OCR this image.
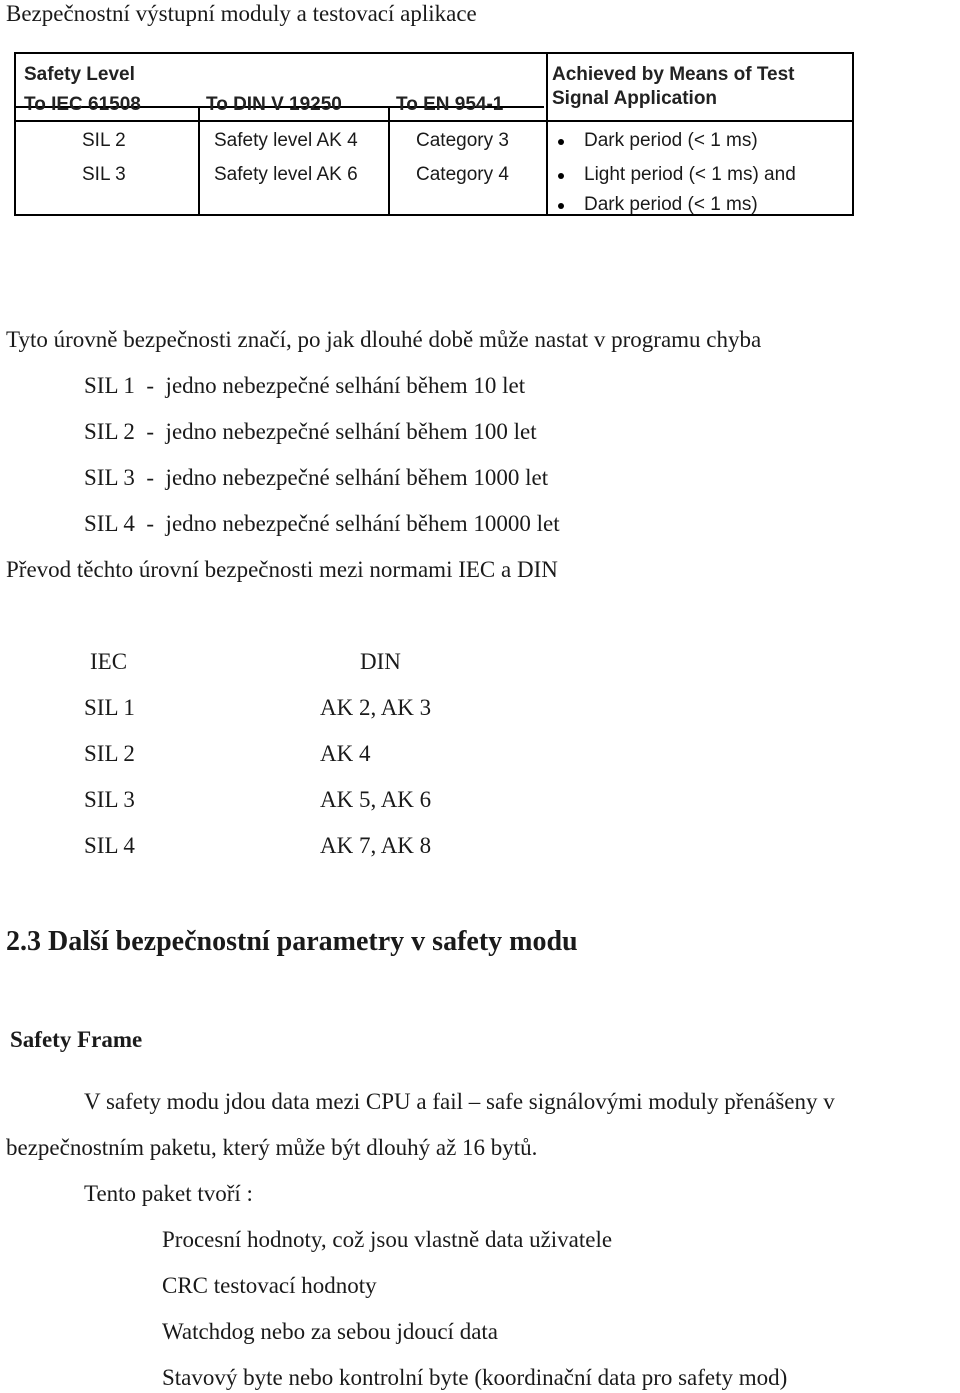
Bezpečnostní výstupní moduly a testovací aplikace
Safety Level	Achieved by Means of Test
Signal Application
To IEC 61508	To DIN V 19250	To EN 954-1
SIL 2	Safety level AK 4	Category 3	Dark period (< 1 ms)
SIL 3	Safety level AK 6	Category 4	Light period (< 1 ms) and
Dark period (< 1 ms)
Tyto úrovně bezpečnosti značí, po jak dlouhé době může nastat v programu chyba
SIL 1  -  jedno nebezpečné selhání během 10 let
SIL 2  -  jedno nebezpečné selhání během 100 let
SIL 3  -  jedno nebezpečné selhání během 1000 let
SIL 4  -  jedno nebezpečné selhání během 10000 let
Převod těchto úrovní bezpečnosti mezi normami IEC a DIN
IEC	DIN
SIL 1	AK 2, AK 3
SIL 2	AK 4
SIL 3	AK 5, AK 6
SIL 4	AK 7, AK 8
2.3 Další bezpečnostní parametry v safety modu
Safety Frame
V safety modu jdou data mezi CPU a fail – safe signálovými moduly přenášeny v
bezpečnostním paketu, který může být dlouhý až 16 bytů.
Tento paket tvoří :
Procesní hodnoty, což jsou vlastně data uživatele
CRC testovací hodnoty
Watchdog nebo za sebou jdoucí data
Stavový byte nebo kontrolní byte (koordinační data pro safety mod)
